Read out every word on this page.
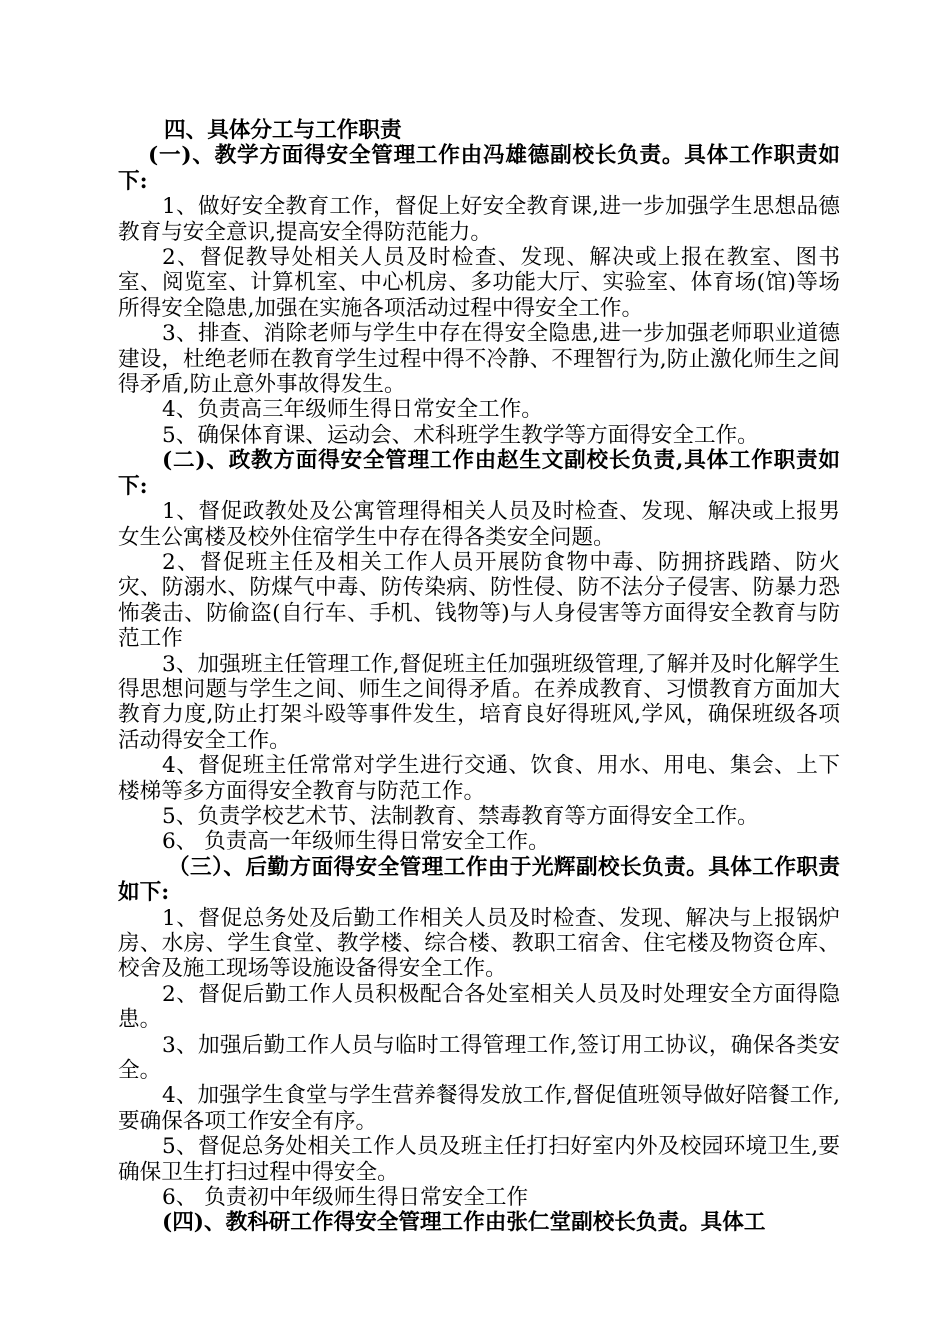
四、具体分工与工作职责

(一)、教学方面得安全管理工作由冯雄德副校长负责。具体工作职责如下:

1、做好安全教育工作，督促上好安全教育课,进一步加强学生思想品德教育与安全意识,提高安全得防范能力。

2、督促教导处相关人员及时检查、发现、解决或上报在教室、图书室、阅览室、计算机室、中心机房、多功能大厅、实验室、体育场(馆)等场所得安全隐患,加强在实施各项活动过程中得安全工作。

3、排查、消除老师与学生中存在得安全隐患,进一步加强老师职业道德建设，杜绝老师在教育学生过程中得不冷静、不理智行为,防止激化师生之间得矛盾,防止意外事故得发生。

4、负责高三年级师生得日常安全工作。

5、确保体育课、运动会、术科班学生教学等方面得安全工作。

(二)、政教方面得安全管理工作由赵生文副校长负责,具体工作职责如下:

1、督促政教处及公寓管理得相关人员及时检查、发现、解决或上报男女生公寓楼及校外住宿学生中存在得各类安全问题。

2、督促班主任及相关工作人员开展防食物中毒、防拥挤践踏、防火灾、防溺水、防煤气中毒、防传染病、防性侵、防不法分子侵害、防暴力恐怖袭击、防偷盗(自行车、手机、钱物等)与人身侵害等方面得安全教育与防范工作

3、加强班主任管理工作,督促班主任加强班级管理,了解并及时化解学生得思想问题与学生之间、师生之间得矛盾。在养成教育、习惯教育方面加大教育力度,防止打架斗殴等事件发生，培育良好得班风,学风，确保班级各项活动得安全工作。

4、督促班主任常常对学生进行交通、饮食、用水、用电、集会、上下楼梯等多方面得安全教育与防范工作。

5、负责学校艺术节、法制教育、禁毒教育等方面得安全工作。

6、 负责高一年级师生得日常安全工作。

（三）、后勤方面得安全管理工作由于光辉副校长负责。具体工作职责如下:

1、督促总务处及后勤工作相关人员及时检查、发现、解决与上报锅炉房、水房、学生食堂、教学楼、综合楼、教职工宿舍、住宅楼及物资仓库、校舍及施工现场等设施设备得安全工作。

2、督促后勤工作人员积极配合各处室相关人员及时处理安全方面得隐患。

3、加强后勤工作人员与临时工得管理工作,签订用工协议，确保各类安全。

4、加强学生食堂与学生营养餐得发放工作,督促值班领导做好陪餐工作,要确保各项工作安全有序。

5、督促总务处相关工作人员及班主任打扫好室内外及校园环境卫生,要确保卫生打扫过程中得安全。

6、 负责初中年级师生得日常安全工作

(四)、教科研工作得安全管理工作由张仁堂副校长负责。具体工
